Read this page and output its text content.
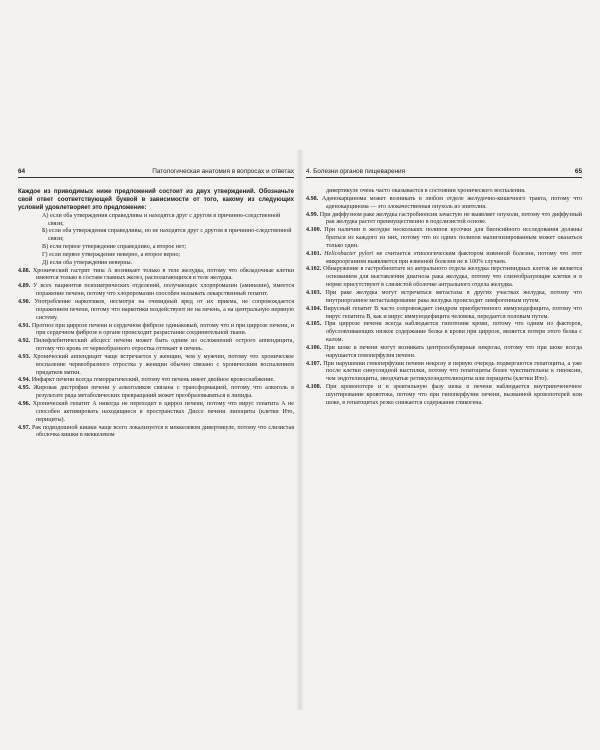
64	Патологическая анатомия в вопросах и ответах

Каждое из приводимых ниже предложений состоит из двух утверждений. Обозначьте свой ответ соответствующей буквой в зависимости от того, какому из следующих условий удовлетворяет это предложение:

А) если оба утверждения справедливы и находятся друг с другом в причинно-следственной связи;

Б) если оба утверждения справедливы, но не находятся друг с другом в причинно-следственной связи;

В) если первое утверждение справедливо, а второе нет;

Г) если первое утверждение неверно, а второе верно;

Д) если оба утверждения неверны.

4.88. Хронический гастрит типа А возникает только в теле желудка, потому что обкладочные клетки имеются только в составе главных желез, располагающихся в теле желудка.

4.89. У всех пациентов психиатрических отделений, получающих хлорпромазин (аминазин), имеется поражение печени, потому что хлорпромазин способен вызывать лекарственный гепатит.

4.90. Употребление наркотиков, несмотря на очевидный вред от их приема, не сопровождается поражением печени, потому что наркотики воздействуют не на печень, а на центральную нервную систему.

4.91. Прогноз при циррозе печени и сердечном фиброзе одинаковый, потому что и при циррозе печени, и при сердечном фиброзе в органе происходит разрастание соединительной ткани.

4.92. Пилефлебитический абсцесс печени может быть одним из осложнений острого аппендицита, потому что кровь от червеобразного отростка оттекает в печень.

4.93. Хронический аппендицит чаще встречается у женщин, чем у мужчин, потому что хроническое воспаление червеобразного отростка у женщин обычно связано с хроническим воспалением придатков матки.

4.94. Инфаркт печени всегда геморрагический, потому что печень имеет двойное кровоснабжение.

4.95. Жировая дистрофия печени у алкоголиков связана с трансформацией, потому что алкоголь в результате ряда метаболических превращений может преобразовываться в липиды.

4.96. Хронический гепатит А никогда не переходит в цирроз печени, потому что вирус гепатита А не способен активировать находящиеся в пространствах Диссе печени липоциты (клетки Ито, перициты).

4.97. Рак подвздошной кишки чаще всего локализуется в меккелевом дивертикуле, потому что слизистая оболочка кишки в меккелевом

4. Болезни органов пищеварения	65

дивертикуле очень часто оказывается в состоянии хронического воспаления.

4.98. Аденокарцинома может возникать в любом отделе желудочно-кишечного тракта, потому что аденокарцинома — это злокачественная опухоль из эпителия.

4.99. При диффузном раке желудка гастробиопсия зачастую не выявляет опухоли, потому что диффузный рак желудка растет преимущественно в подслизистой основе.

4.100. При наличии в желудке нескольких полипов кусочки для биопсийного исследования должны браться из каждого из них, потому что из одних полипов малигнизированным может оказаться только один.

4.101. Helicobacter pylori не считается этиологическим фактором язвенной болезни, потому что этот микроорганизм выявляется при язвенной болезни не в 100% случаев.

4.102. Обнаружение в гастробиоптате из антрального отдела желудка перстневидных клеток не является основанием для выставления диагноза рака желудка, потому что слизеобразующие клетки и в норме присутствуют в слизистой оболочке антрального отдела желудка.

4.103. При раке желудка могут встречаться метастазы в других участках желудка, потому что внутриорганное метастазирование рака желудка происходит лимфогенным путем.

4.104. Вирусный гепатит В часто сопровождает синдром приобретенного иммунодефицита, потому что вирус гепатита В, как и вирус иммунодефицита человека, передается половым путем.

4.105. При циррозе печени всегда наблюдается гипотония крови, потому что одним из факторов, обусловливающих низкое содержание белка в крови при циррозе, является потеря этого белка с калом.

4.106. При шоке в печени могут возникать центролобулярные некрозы, потому что при шоке всегда нарушается гемоперфузия печени.

4.107. При нарушении гемоперфузии печени некрозу в первую очередь подвергаются гепатоциты, а уже после клетки синусоидной выстилки, потому что гепатоциты более чувствительны к гипоксии, чем эндотелиоциты, звездчатые ретикулоэндотелиоциты или перициты (клетки Ито).

4.108. При кровопотере и в эректильную фазу шока в печени наблюдается внутрипеченочное шунтирование кровотока, потому что при гипоперфузии печени, вызванной кровопотерей или шоке, в гепатоцитах резко снижается содержание гликогена.
